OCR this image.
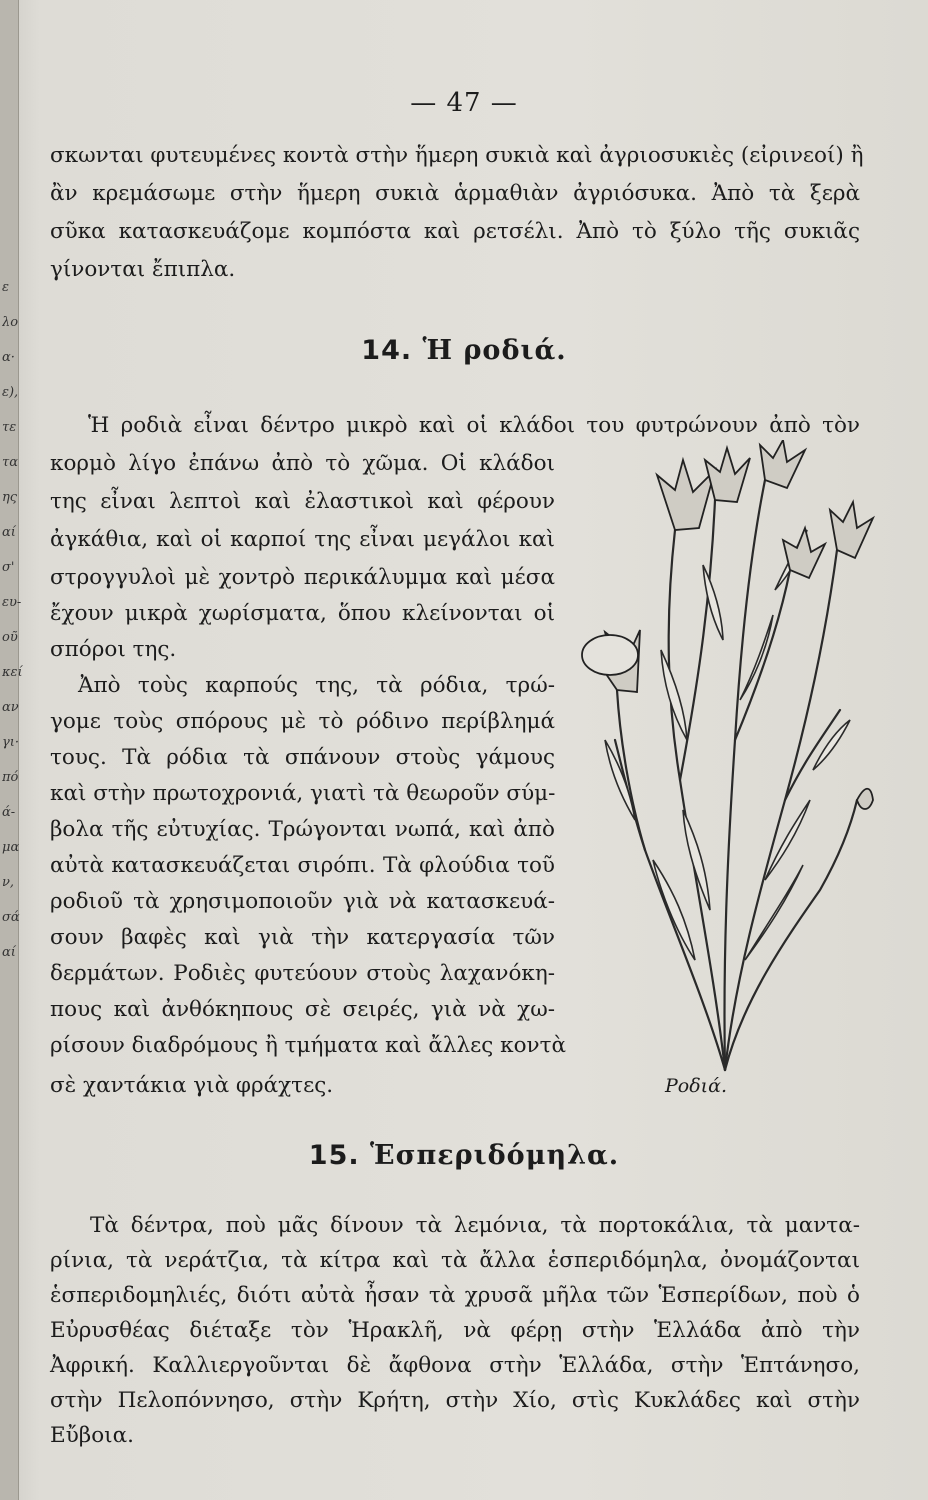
ε
λο
α·
ε),
τε
τα
ης
αί
σ'
ευ-
οῦ
κεί
αν
γι·
πό
ά-
μα
ν,
σά
αί
— 47 —
σκωνται φυτευμένες κοντὰ στὴν ἥμερη συκιὰ καὶ ἀγριοσυκιὲς (εἰρινεοί) ἢ
ἂν κρεμάσωμε στὴν ἥμερη συκιὰ ἁρμαθιὰν ἀγριόσυκα. Ἀπὸ τὰ ξερὰ
σῦκα κατασκευάζομε κομπόστα καὶ ρετσέλι. Ἀπὸ τὸ ξύλο τῆς συκιᾶς
γίνονται ἔπιπλα.
14. Ἡ ροδιά.
Ἡ ροδιὰ εἶναι δέντρο μικρὸ καὶ οἱ κλάδοι του φυτρώνουν ἀπὸ τὸν
κορμὸ λίγο ἐπάνω ἀπὸ τὸ χῶμα. Οἱ κλάδοι
της εἶναι λεπτοὶ καὶ ἐλαστικοὶ καὶ φέρουν
ἀγκάθια, καὶ οἱ καρποί της εἶναι μεγάλοι καὶ
στρογγυλοὶ μὲ χοντρὸ περικάλυμμα καὶ μέσα
ἔχουν μικρὰ χωρίσματα, ὅπου κλείνονται οἱ
σπόροι της.
Ἀπὸ τοὺς καρπούς της, τὰ ρόδια, τρώ-
γομε τοὺς σπόρους μὲ τὸ ρόδινο περίβλημά
τους. Τὰ ρόδια τὰ σπάνουν στοὺς γάμους
καὶ στὴν πρωτοχρονιά, γιατὶ τὰ θεωροῦν σύμ-
βολα τῆς εὐτυχίας. Τρώγονται νωπά, καὶ ἀπὸ
αὐτὰ κατασκευάζεται σιρόπι. Τὰ φλούδια τοῦ
ροδιοῦ τὰ χρησιμοποιοῦν γιὰ νὰ κατασκευά-
σουν βαφὲς καὶ γιὰ τὴν κατεργασία τῶν
δερμάτων. Ροδιὲς φυτεύουν στοὺς λαχανόκη-
πους καὶ ἀνθόκηπους σὲ σειρές, γιὰ νὰ χω-
ρίσουν διαδρόμους ἢ τμήματα καὶ ἄλλες κοντὰ
σὲ χαντάκια γιὰ φράχτες.	Ροδιά.
15. Ἑσπεριδόμηλα.
Τὰ δέντρα, ποὺ μᾶς δίνουν τὰ λεμόνια, τὰ πορτοκάλια, τὰ μαντα-
ρίνια, τὰ νεράτζια, τὰ κίτρα καὶ τὰ ἄλλα ἑσπεριδόμηλα, ὀνομάζονται
ἑσπεριδομηλιές, διότι αὐτὰ ἦσαν τὰ χρυσᾶ μῆλα τῶν Ἑσπερίδων, ποὺ ὁ
Εὐρυσθέας διέταξε τὸν Ἡρακλῆ, νὰ φέρῃ στὴν Ἑλλάδα ἀπὸ τὴν
Ἀφρική. Καλλιεργοῦνται δὲ ἄφθονα στὴν Ἑλλάδα, στὴν Ἑπτάνησο,
στὴν Πελοπόννησο, στὴν Κρήτη, στὴν Χίο, στὶς Κυκλάδες καὶ στὴν
Εὔβοια.
